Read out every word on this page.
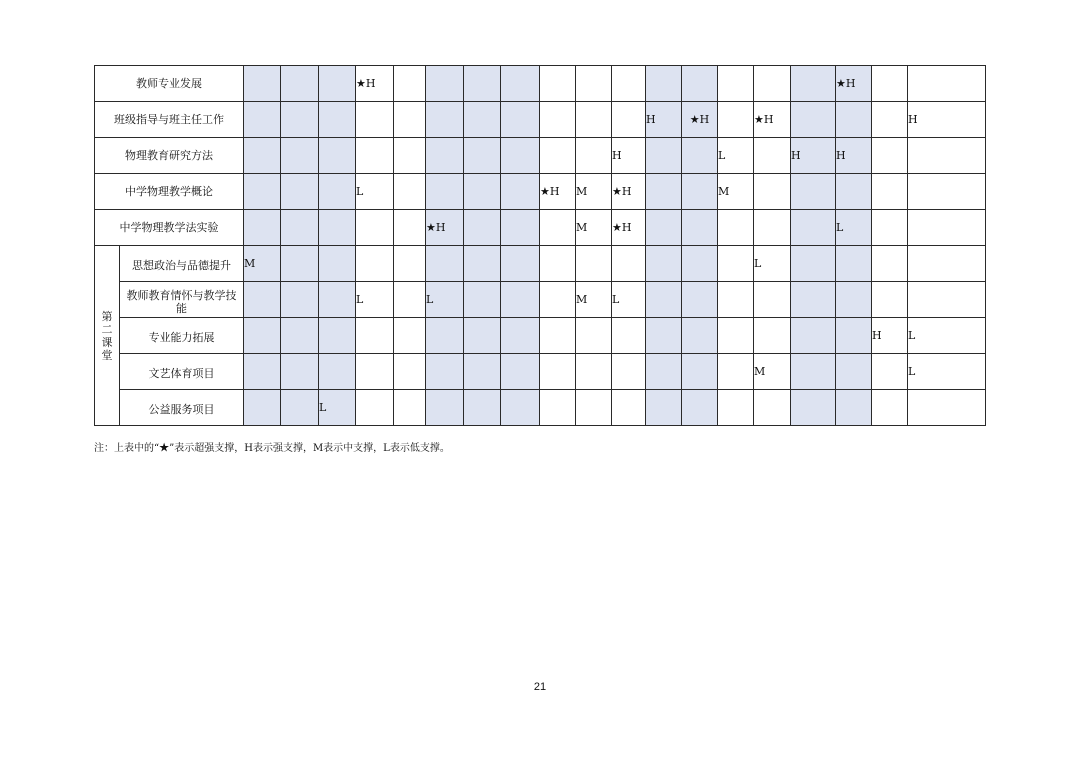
教师专业发展					★H													★H		
班级指导与班主任工作													H	★H		★H				H
物理教育研究方法												H			L		H	H		
中学物理教学概论					L					★H	M	★H			M					
中学物理教学法实验							★H				M	★H						L		
第二课堂	思想政治与品德提升	M														L				
	教师教育情怀与教学技能				L		L				M	L								
	专业能力拓展																		H	L
	文艺体育项目															M				L
	公益服务项目			L																
注：上表中的“★”表示超强支撑，H表示强支撑，M表示中支撑，L表示低支撑。
21
